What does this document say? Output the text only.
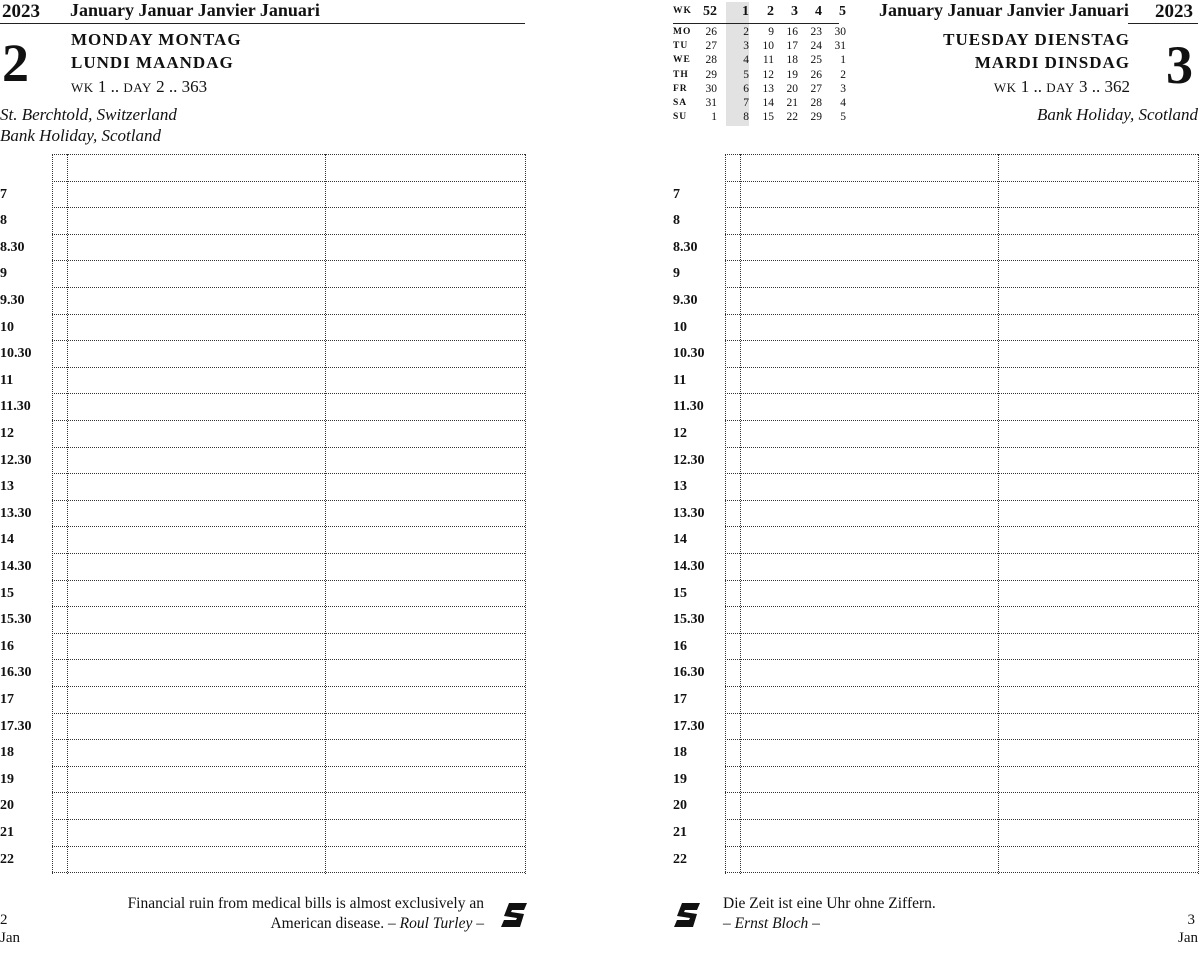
2023 January Januar Janvier Januari
2 MONDAY MONTAG
LUNDI MAANDAG
WK 1 .. DAY 2 .. 363
St. Berchtold, Switzerland
Bank Holiday, Scotland
7
8
8.30
9
9.30
10
10.30
11
11.30
12
12.30
13
13.30
14
14.30
15
15.30
16
16.30
17
17.30
18
19
20
21
22
Financial ruin from medical bills is almost exclusively an
American disease. – Roul Turley –
2
Jan
WK 52	1	2	3	4	5
MO	26	2	9	16	23	30
TU	27	3	10	17	24	31
WE	28	4	11	18	25	1
TH	29	5	12	19	26	2
FR	30	6	13	20	27	3
SA	31	7	14	21	28	4
SU	1	8	15	22	29	5
January Januar Janvier Januari 2023
TUESDAY DIENSTAG
MARDI DINSDAG
WK 1 .. DAY 3 .. 362 3
Bank Holiday, Scotland
7
8
8.30
9
9.30
10
10.30
11
11.30
12
12.30
13
13.30
14
14.30
15
15.30
16
16.30
17
17.30
18
19
20
21
22
Die Zeit ist eine Uhr ohne Ziffern.
– Ernst Bloch –	3
Jan
